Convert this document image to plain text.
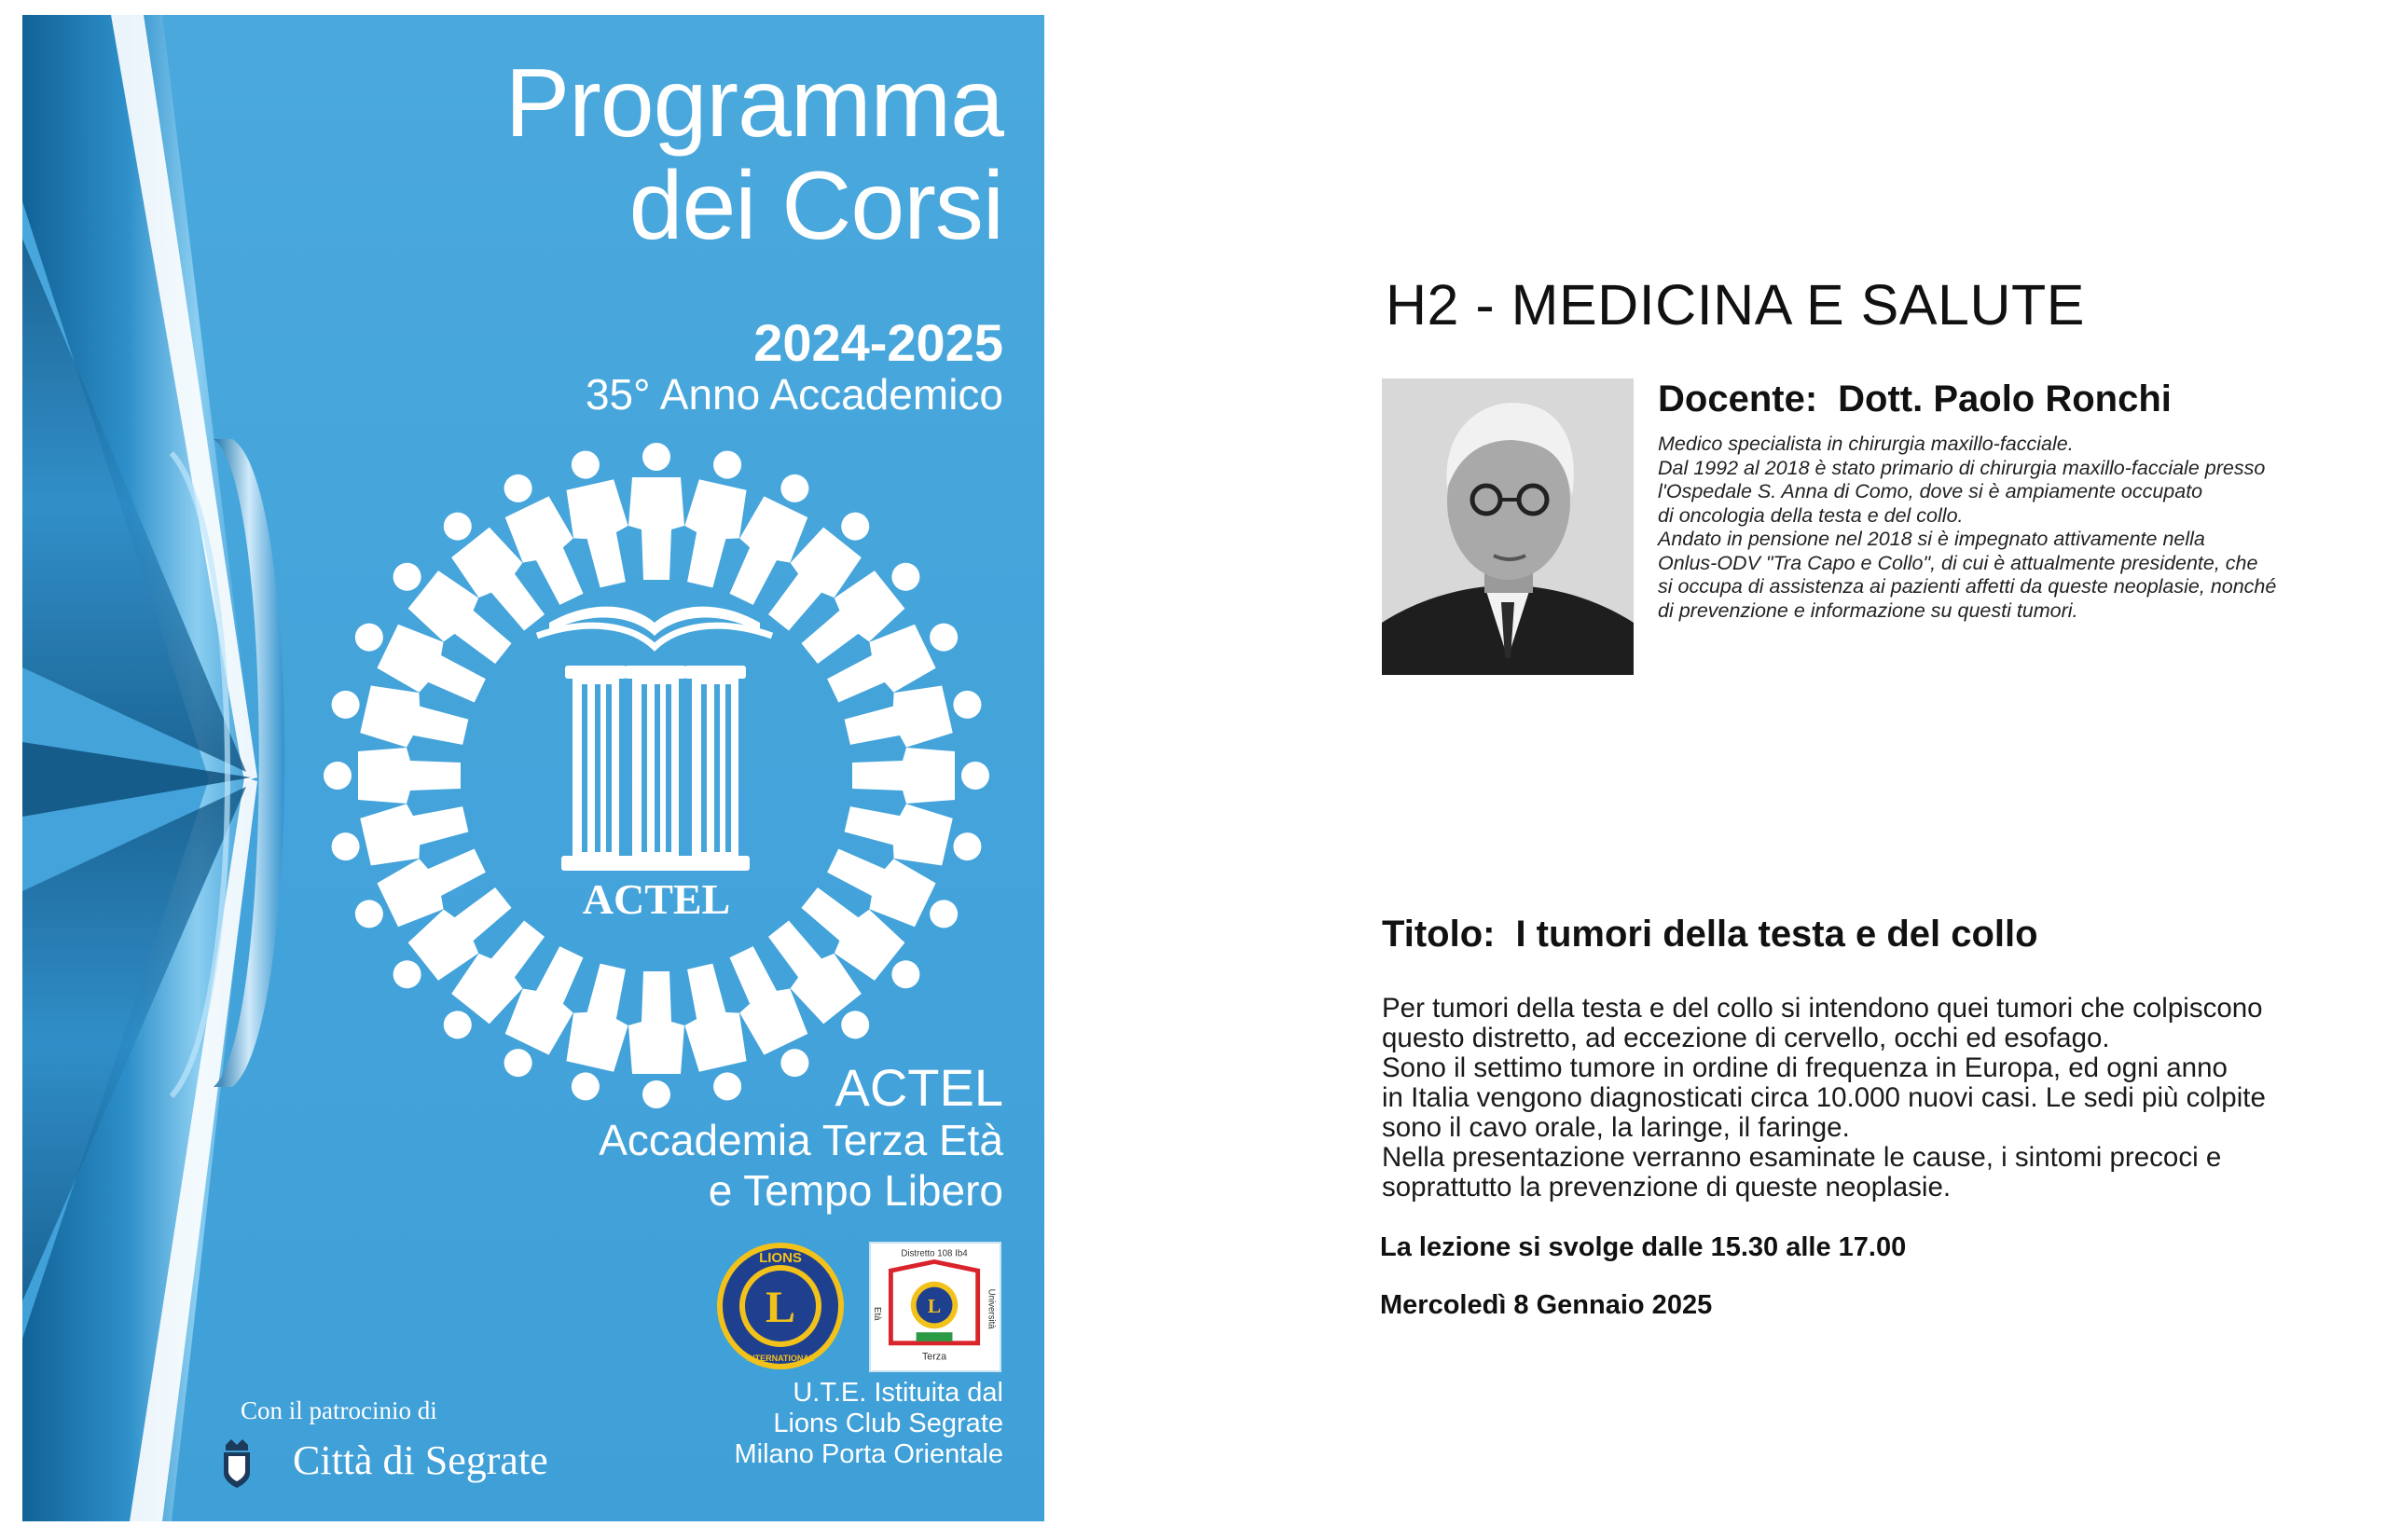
Programma
dei Corsi

2024-2025

35° Anno Accademico

ACTEL

ACTEL

Accademia Terza Età
e Tempo Libero

L
LIONS
INTERNATIONAL
L
Distretto 108 Ib4
Terza
Età	Università

Con il patrocinio di

Città di Segrate

U.T.E. Istituita dal
Lions Club Segrate
Milano Porta Orientale

H2 - MEDICINA E SALUTE

Docente: Dott. Paolo Ronchi

Medico specialista in chirurgia maxillo-facciale.
Dal 1992 al 2018 è stato primario di chirurgia maxillo-facciale presso
l'Ospedale S. Anna di Como, dove si è ampiamente occupato
di oncologia della testa e del collo.
Andato in pensione nel 2018 si è impegnato attivamente nella
Onlus-ODV "Tra Capo e Collo", di cui è attualmente presidente, che
si occupa di assistenza ai pazienti affetti da queste neoplasie, nonché
di prevenzione e informazione su questi tumori.

Titolo: I tumori della testa e del collo

Per tumori della testa e del collo si intendono quei tumori che colpiscono
questo distretto, ad eccezione di cervello, occhi ed esofago.
Sono il settimo tumore in ordine di frequenza in Europa, ed ogni anno
in Italia vengono diagnosticati circa 10.000 nuovi casi. Le sedi più colpite
sono il cavo orale, la laringe, il faringe.
Nella presentazione verranno esaminate le cause, i sintomi precoci e
soprattutto la prevenzione di queste neoplasie.

La lezione si svolge dalle 15.30 alle 17.00

Mercoledì 8 Gennaio 2025
